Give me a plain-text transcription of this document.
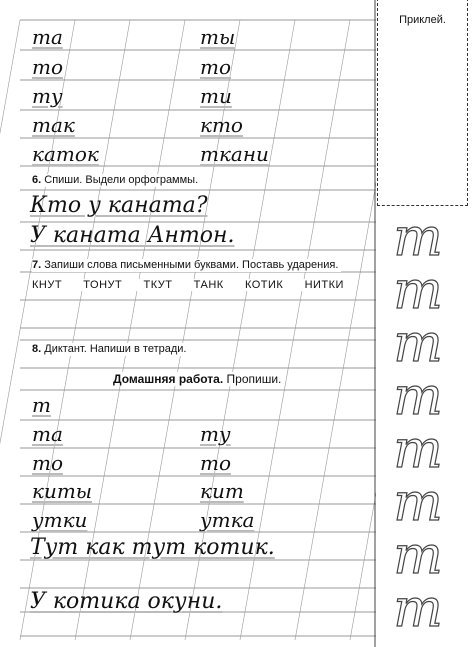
та	ты
то	то
ту	ти
так	кто
каток	ткани
6. Спиши. Выдели орфограммы.
Кто у каната?
У каната Антон.
7. Запиши слова письменными буквами. Поставь ударения.
КНУТ ТОНУТ ТКУТ ТАНК КОТИК НИТКИ
8. Диктант. Напиши в тетради.
Домашняя работа. Пропиши.
т
та	ту
то	то
киты	кит
утки	утка
Тут как тут котик.
У котика окуни.
Приклей.
т
т
т
т
т
т
т
т
